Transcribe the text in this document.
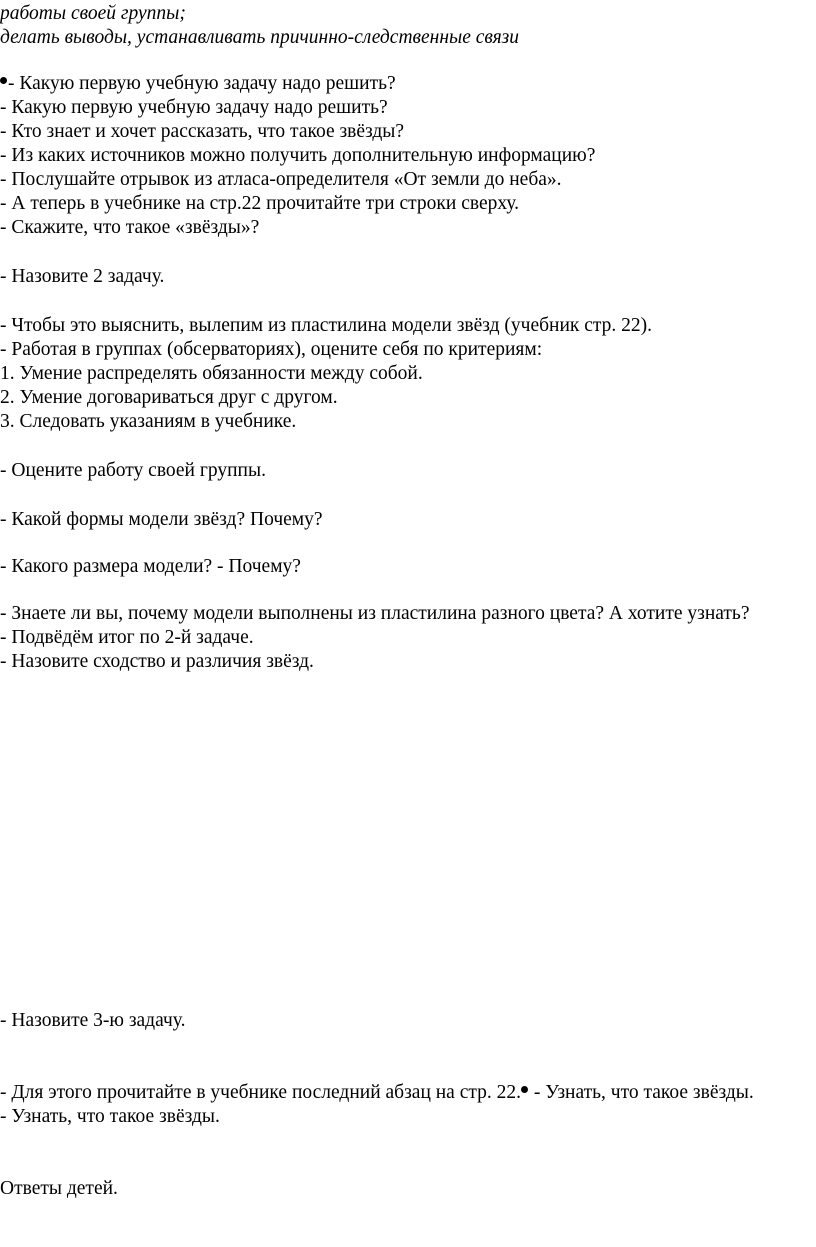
работы своей группы;
делать выводы, устанавливать причинно-следственные связи
- Какую первую учебную задачу надо решить?
- Какую первую учебную задачу надо решить?
- Кто знает и хочет рассказать, что такое звёзды?
- Из каких источников можно получить дополнительную информацию?
- Послушайте отрывок из атласа-определителя «От земли до неба».
- А теперь в учебнике на стр.22 прочитайте три строки сверху.
- Скажите, что такое «звёзды»?
- Назовите 2 задачу.
- Чтобы это выяснить, вылепим из пластилина модели звёзд (учебник стр. 22).
- Работая в группах (обсерваториях), оцените себя по критериям:
1. Умение распределять обязанности между собой.
2. Умение договариваться друг с другом.
3. Следовать указаниям в учебнике.
- Оцените работу своей группы.
- Какой формы модели звёзд? Почему?
- Какого размера модели? - Почему?
- Знаете ли вы, почему модели выполнены из пластилина разного цвета? А хотите узнать?
- Подвёдём итог по 2-й задаче.
- Назовите сходство и различия звёзд.
- Назовите 3-ю задачу.
- Для этого прочитайте в учебнике последний абзац на стр. 22. - Узнать, что такое звёзды.
- Узнать, что такое звёзды.
Ответы детей.
